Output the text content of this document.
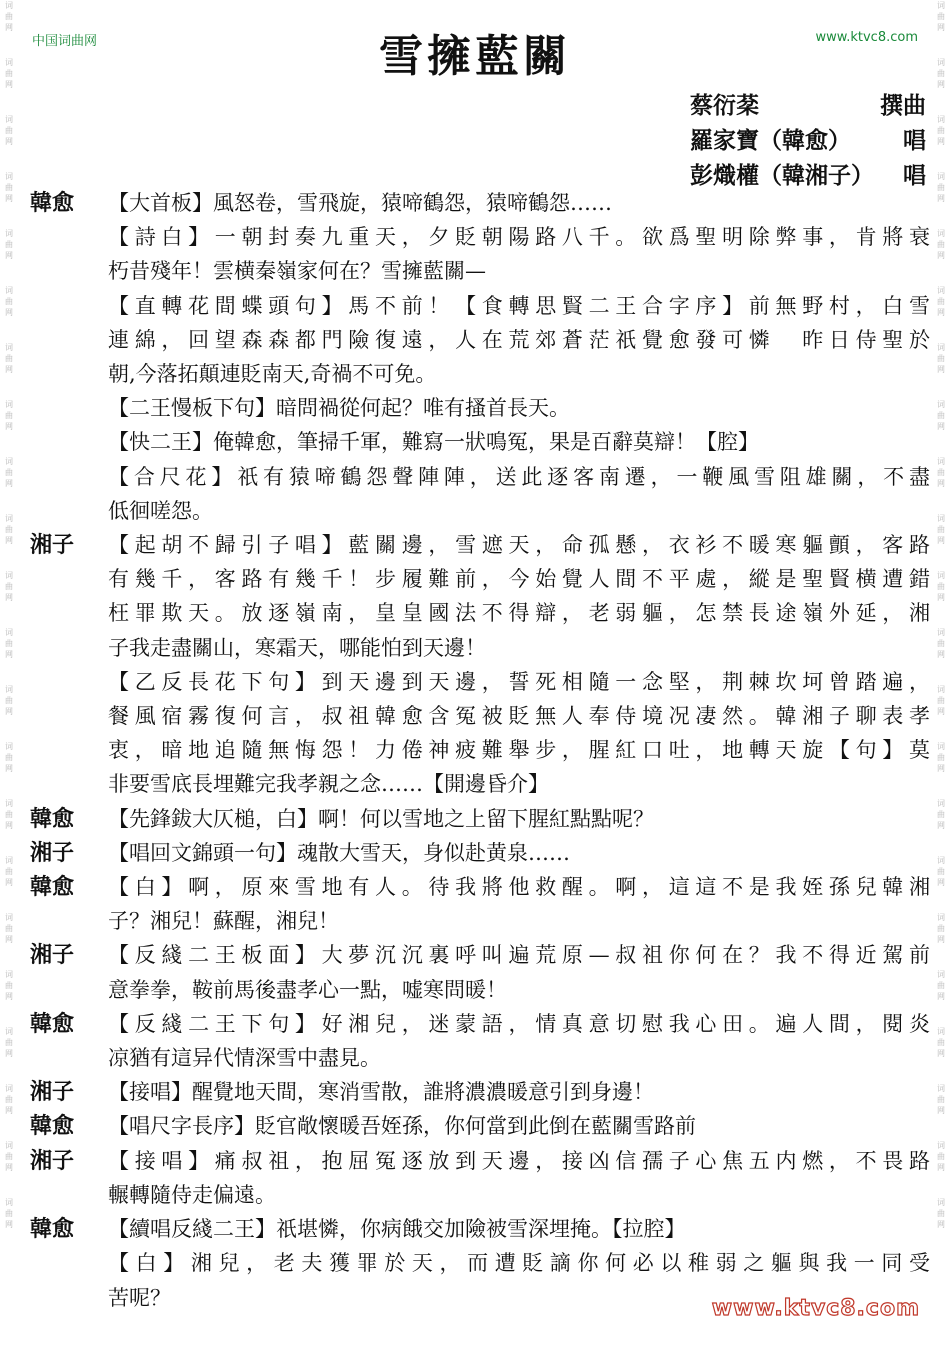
词
曲
网
词
曲
网
词
曲
网
词
曲
网
词
曲
网
词
曲
网
词
曲
网
词
曲
网
词
曲
网
词
曲
网
词
曲
网
词
曲
网
词
曲
网
词
曲
网
词
曲
网
词
曲
网
词
曲
网
词
曲
网
词
曲
网
词
曲
网
词
曲
网
词
曲
网
词
曲
网
词
曲
网
词
曲
网
词
曲
网
词
曲
网
词
曲
网
词
曲
网
词
曲
网
词
曲
网
词
曲
网
词
曲
网
词
曲
网
词
曲
网
词
曲
网
词
曲
网
词
曲
网
词
曲
网
词
曲
网
词
曲
网
词
曲
网
词
曲
网
词
曲
网
中国词曲网	www.ktvc8.com
雪擁藍關
蔡衍棻	撰曲
羅家寶（韓愈） 唱
彭熾權（韓湘子） 唱
韓愈	【大首板】風怒卷，雪飛旋，猿啼鶴怨，猿啼鶴怨……
【詩白】一朝封奏九重天，夕貶朝陽路八千。欲爲聖明除弊事，肯將衰
朽昔殘年！雲横秦嶺家何在？雪擁藍關—
【直轉花間蝶頭句】馬不前！【食轉思賢二王合字序】前無野村，白雪
連綿，回望森森都門險復遠，人在荒郊蒼茫祇覺愈發可憐　昨日侍聖於
朝,今落拓顛連貶南天,奇禍不可免。
【二王慢板下句】暗問禍從何起？唯有搔首長天。
【快二王】俺韓愈，筆掃千軍，難寫一狀鳴冤，果是百辭莫辯！【腔】
【合尺花】祇有猿啼鶴怨聲陣陣，送此逐客南遷，一鞭風雪阻雄關，不盡
低徊嗟怨。
湘子	【起胡不歸引子唱】藍關邊，雪遮天，命孤懸，衣衫不暖寒軀顫，客路
有幾千，客路有幾千！步履難前，今始覺人間不平處，縱是聖賢横遭錯
枉罪欺天。放逐嶺南，皇皇國法不得辯，老弱軀，怎禁長途嶺外延，湘
子我走盡關山，寒霜天，哪能怕到天邊！
【乙反長花下句】到天邊到天邊，誓死相隨一念堅，荆棘坎坷曾踏遍，
餐風宿霧復何言，叔祖韓愈含冤被貶無人奉侍境况凄然。韓湘子聊表孝
衷，暗地追隨無悔怨！力倦神疲難舉步，腥紅口吐，地轉天旋【句】莫
非要雪底長埋難完我孝親之念……【開邊昏介】
韓愈	【先鋒鈸大仄槌，白】啊！何以雪地之上留下腥紅點點呢？
湘子	【唱回文錦頭一句】魂散大雪天，身似赴黄泉……
韓愈	【白】啊，原來雪地有人。待我將他救醒。啊，這這不是我姪孫兒韓湘
子？湘兒！蘇醒，湘兒！
湘子	【反綫二王板面】大夢沉沉裏呼叫遍荒原—叔祖你何在？我不得近駕前
意拳拳，鞍前馬後盡孝心一點，嘘寒問暖！
韓愈	【反綫二王下句】好湘兒，迷蒙語，情真意切慰我心田。遍人間，閱炎
凉猶有這异代情深雪中盡見。
湘子	【接唱】醒覺地天間，寒消雪散，誰將濃濃暖意引到身邊！
韓愈	【唱尺字長序】貶官敞懷暖吾姪孫，你何當到此倒在藍關雪路前
湘子	【接唱】痛叔祖，抱屈冤逐放到天邊，接凶信孺子心焦五内燃，不畏路
輾轉隨侍走偏遠。
韓愈	【續唱反綫二王】祇堪憐，你病餓交加險被雪深埋掩。【拉腔】
【白】湘兒，老夫獲罪於天，而遭貶謫你何必以稚弱之軀與我一同受
苦呢？	www.ktvc8.com
